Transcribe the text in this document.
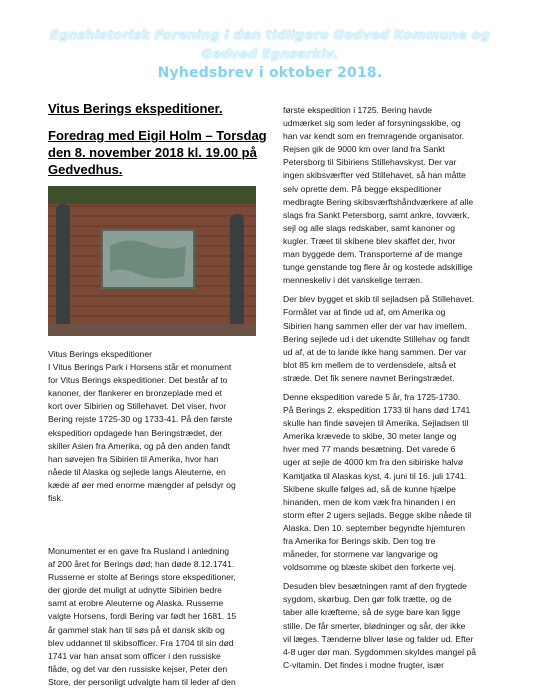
Egnshistorisk Forening i den tidligere Gedved Kommune og
Gedved Egnsarkiv.
Nyhedsbrev i oktober 2018.

Vitus Berings ekspeditioner.

Foredrag med Eigil Holm – Torsdag den 8. november 2018 kl. 19.00 på Gedvedhus.

Vitus Berings ekspeditioner
I Vitus Berings Park i Horsens står et monument
for Vitus Berings ekspeditioner. Det består af to
kanoner, der flankerer en bronzeplade med et
kort over Sibirien og Stillehavet. Det viser, hvor
Bering rejste 1725-30 og 1733-41. På den første
ekspedition opdagede han Beringstrædet, der
skiller Asien fra Amerika, og på den anden fandt
han søvejen fra Sibirien til Amerika, hvor han
nåede til Alaska og sejlede langs Aleuterne, en
kæde af øer med enorme mængder af pelsdyr og
fisk.

Monumentet er en gave fra Rusland i anledning
af 200 året for Berings død; han døde 8.12.1741.
Russerne er stolte af Berings store ekspeditioner,
der gjorde det muligt at udnytte Sibirien bedre
samt at erobre Aleuterne og Alaska. Russerne
valgte Horsens, fordi Bering var født her 1681. 15
år gammel stak han til søs på et dansk skib og
blev uddannet til skibsofficer. Fra 1704 til sin død
1741 var han ansat som officer i den russiske
flåde, og det var den russiske kejser, Peter den
Store, der personligt udvalgte ham til leder af den

første ekspedition i 1725. Bering havde
udmærket sig som leder af forsyningsskibe, og
han var kendt som en fremragende organisator.
Rejsen gik de 9000 km over land fra Sankt
Petersborg til Sibiriens Stillehavskyst. Der var
ingen skibsværfter ved Stillehavet, så han måtte
selv oprette dem. På begge ekspeditioner
medbragte Bering skibsværftshåndværkere af alle
slags fra Sankt Petersborg, samt ankre, tovværk,
sejl og alle slags redskaber, samt kanoner og
kugler. Træet til skibene blev skaffet der, hvor
man byggede dem. Transporterne af de mange
tunge genstande tog flere år og kostede adskillige
menneskeliv i det vanskelige terræn.

Der blev bygget et skib til sejladsen på Stillehavet.
Formålet var at finde ud af, om Amerika og
Sibirien hang sammen eller der var hav imellem.
Bering sejlede ud i det ukendte Stillehav og fandt
ud af, at de to lande ikke hang sammen. Der var
blot 85 km mellem de to verdensdele, altså et
stræde. Det fik senere navnet Beringstrædet.

Denne ekspedition varede 5 år, fra 1725-1730.
På Berings 2. ekspedition 1733 til hans død 1741
skulle han finde søvejen til Amerika. Sejladsen til
Amerika krævede to skibe, 30 meter lange og
hver med 77 mands besætning. Det varede 6
uger at sejle de 4000 km fra den sibiriske halvø
Kamtjatka til Alaskas kyst, 4. juni til 16. juli 1741.
Skibene skulle følges ad, så de kunne hjælpe
hinanden, men de kom væk fra hinanden i en
storm efter 2 ugers sejlads. Begge skibe nåede til
Alaska. Den 10. september begyndte hjemturen
fra Amerika for Berings skib. Den tog tre
måneder, for stormene var langvarige og
voldsomme og blæste skibet den forkerte vej.

Desuden blev besætningen ramt af den frygtede
sygdom, skørbug. Den gør folk trætte, og de
taber alle kræfterne, så de syge bare kan ligge
stille. De får smerter, blødninger og sår, der ikke
vil læges. Tænderne bliver løse og falder ud. Efter
4-8 uger dør man. Sygdommen skyldes mangel på
C-vitamin. Det findes i modne frugter, især
